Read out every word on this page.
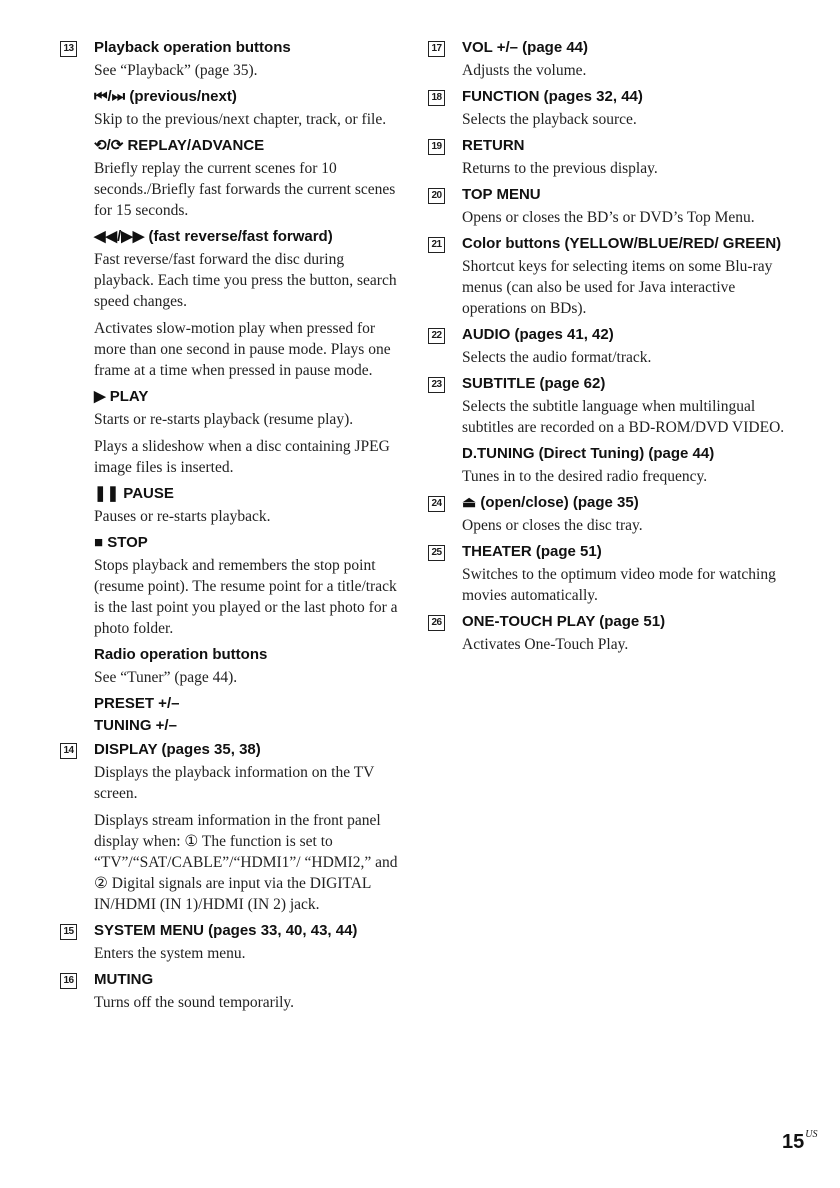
13 Playback operation buttons

See “Playback” (page 35).

⏮/⏭ (previous/next)

Skip to the previous/next chapter, track, or file.

⟲/⟳ REPLAY/ADVANCE

Briefly replay the current scenes for 10 seconds./Briefly fast forwards the current scenes for 15 seconds.

◀◀/▶▶ (fast reverse/fast forward)

Fast reverse/fast forward the disc during playback. Each time you press the button, search speed changes.

Activates slow-motion play when pressed for more than one second in pause mode. Plays one frame at a time when pressed in pause mode.

▶ PLAY

Starts or re-starts playback (resume play).

Plays a slideshow when a disc containing JPEG image files is inserted.

❚❚ PAUSE

Pauses or re-starts playback.

■ STOP

Stops playback and remembers the stop point (resume point). The resume point for a title/track is the last point you played or the last photo for a photo folder.

Radio operation buttons

See “Tuner” (page 44).

PRESET +/–

TUNING +/–

14 DISPLAY (pages 35, 38)

Displays the playback information on the TV screen.

Displays stream information in the front panel display when: ① The function is set to “TV”/“SAT/CABLE”/“HDMI1”/ “HDMI2,” and ② Digital signals are input via the DIGITAL IN/HDMI (IN 1)/HDMI (IN 2) jack.

15 SYSTEM MENU (pages 33, 40, 43, 44)

Enters the system menu.

16 MUTING

Turns off the sound temporarily.

17 VOL +/– (page 44)

Adjusts the volume.

18 FUNCTION (pages 32, 44)

Selects the playback source.

19 RETURN

Returns to the previous display.

20 TOP MENU

Opens or closes the BD’s or DVD’s Top Menu.

21 Color buttons (YELLOW/BLUE/RED/ GREEN)

Shortcut keys for selecting items on some Blu-ray menus (can also be used for Java interactive operations on BDs).

22 AUDIO (pages 41, 42)

Selects the audio format/track.

23 SUBTITLE (page 62)

Selects the subtitle language when multilingual subtitles are recorded on a BD-ROM/DVD VIDEO.

D.TUNING (Direct Tuning) (page 44)

Tunes in to the desired radio frequency.

24 ⏏ (open/close) (page 35)

Opens or closes the disc tray.

25 THEATER (page 51)

Switches to the optimum video mode for watching movies automatically.

26 ONE-TOUCH PLAY (page 51)

Activates One-Touch Play.

$15^{US}$
